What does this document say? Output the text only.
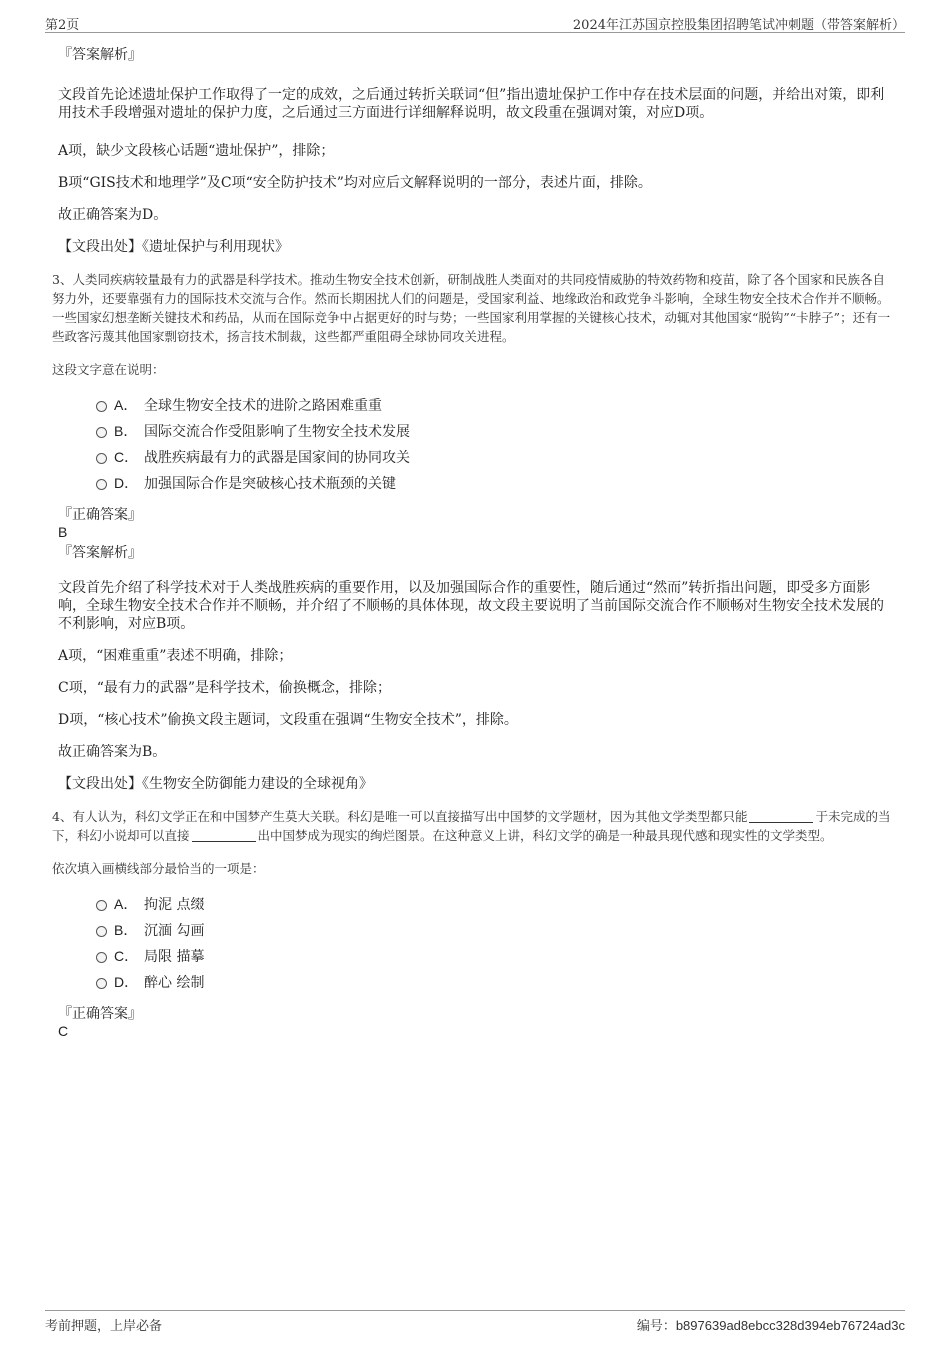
第2页	2024年江苏国京控股集团招聘笔试冲刺题（带答案解析）
『答案解析』

文段首先论述遗址保护工作取得了一定的成效，之后通过转折关联词“但”指出遗址保护工作中存在技术层面的问题，并给出对策，即利用技术手段增强对遗址的保护力度，之后通过三方面进行详细解释说明，故文段重在强调对策，对应D项。

A项，缺少文段核心话题“遗址保护”，排除；

B项“GIS技术和地理学”及C项“安全防护技术”均对应后文解释说明的一部分，表述片面，排除。

故正确答案为D。

【文段出处】《遗址保护与利用现状》

3、人类同疾病较量最有力的武器是科学技术。推动生物安全技术创新，研制战胜人类面对的共同疫情威胁的特效药物和疫苗，除了各个国家和民族各自努力外，还要靠强有力的国际技术交流与合作。然而长期困扰人们的问题是，受国家利益、地缘政治和政党争斗影响，全球生物安全技术合作并不顺畅。一些国家幻想垄断关键技术和药品，从而在国际竞争中占据更好的时与势；一些国家利用掌握的关键核心技术，动辄对其他国家“脱钩”“卡脖子”；还有一些政客污蔑其他国家剽窃技术，扬言技术制裁，这些都严重阻碍全球协同攻关进程。

这段文字意在说明：

A． 全球生物安全技术的进阶之路困难重重
B． 国际交流合作受阻影响了生物安全技术发展
C． 战胜疾病最有力的武器是国家间的协同攻关
D． 加强国际合作是突破核心技术瓶颈的关键
『正确答案』
B
『答案解析』

文段首先介绍了科学技术对于人类战胜疾病的重要作用，以及加强国际合作的重要性，随后通过“然而”转折指出问题，即受多方面影响，全球生物安全技术合作并不顺畅，并介绍了不顺畅的具体体现，故文段主要说明了当前国际交流合作不顺畅对生物安全技术发展的不利影响，对应B项。

A项，“困难重重”表述不明确，排除；

C项，“最有力的武器”是科学技术，偷换概念，排除；

D项，“核心技术”偷换文段主题词，文段重在强调“生物安全技术”，排除。

故正确答案为B。

【文段出处】《生物安全防御能力建设的全球视角》

4、有人认为，科幻文学正在和中国梦产生莫大关联。科幻是唯一可以直接描写出中国梦的文学题材，因为其他文学类型都只能	于未完成的当下，科幻小说却可以直接	出中国梦成为现实的绚烂图景。在这种意义上讲，科幻文学的确是一种最具现代感和现实性的文学类型。

依次填入画横线部分最恰当的一项是：

A． 拘泥 点缀
B． 沉湎 勾画
C． 局限 描摹
D． 醉心 绘制
『正确答案』
C
考前押题，上岸必备	编号：b897639ad8ebcc328d394eb76724ad3c
